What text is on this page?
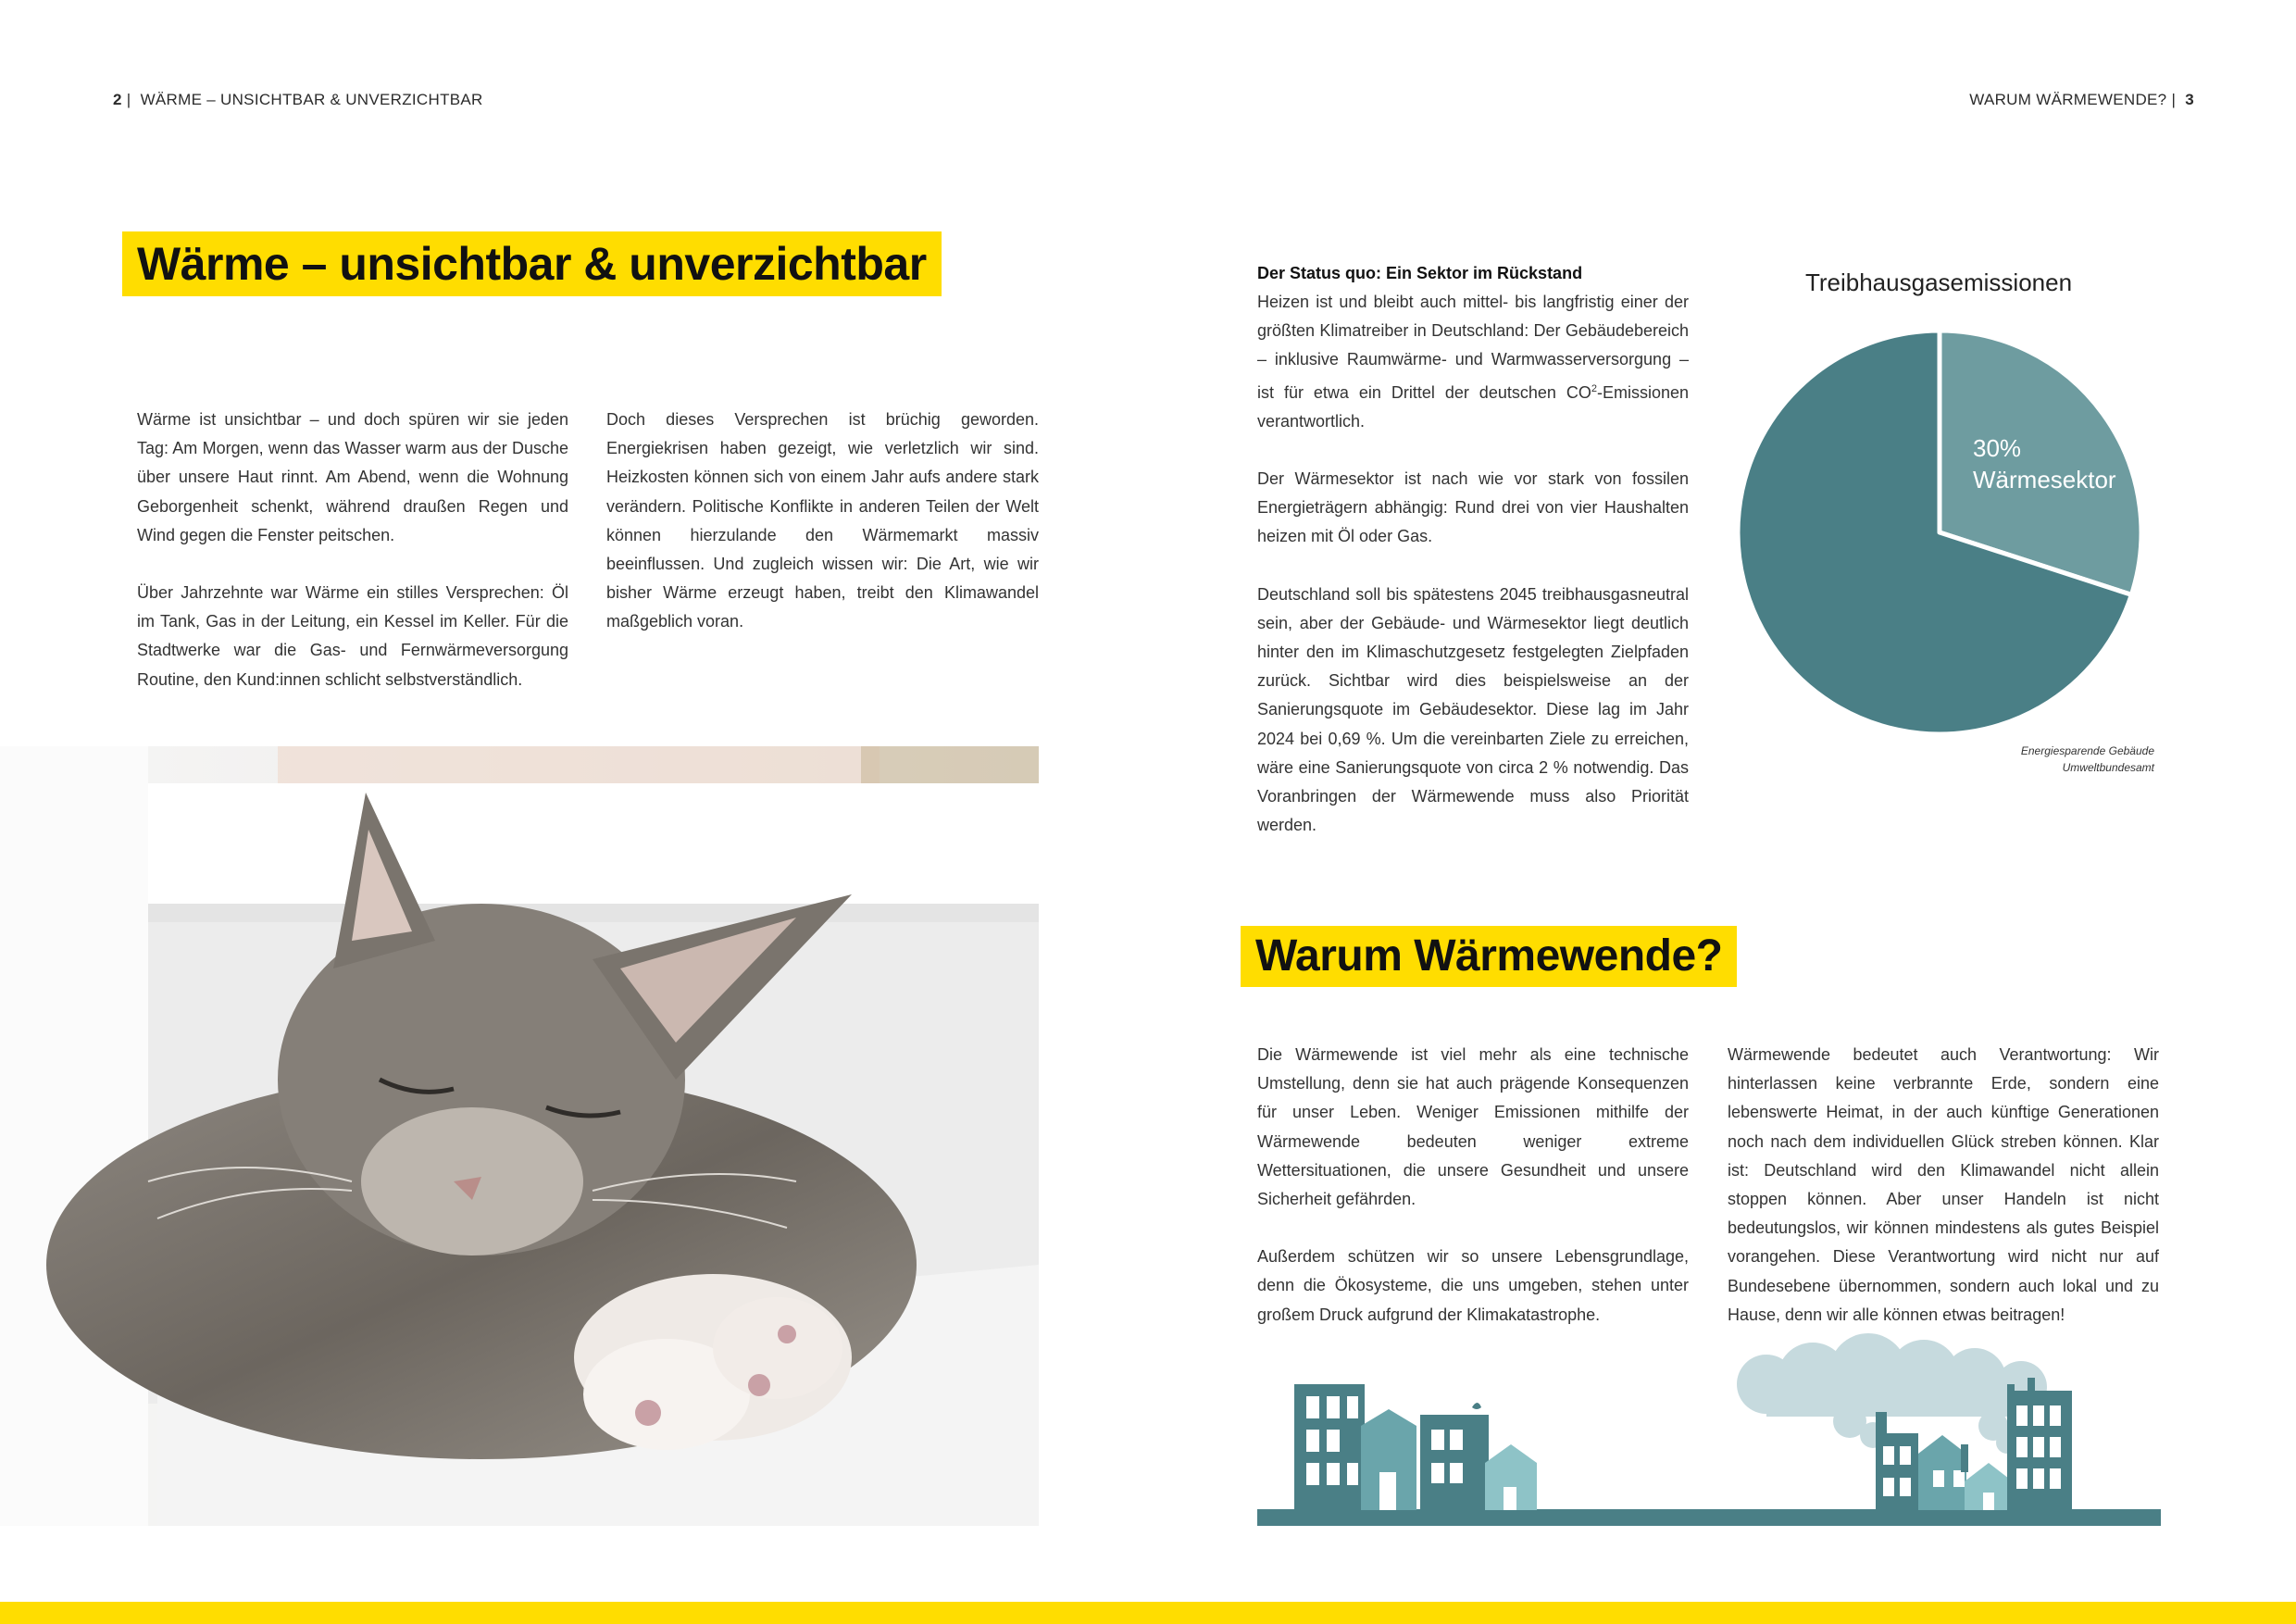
2 |  WÄRME – UNSICHTBAR & UNVERZICHTBAR	WARUM WÄRMEWENDE? |  3
Wärme – unsichtbar & unverzichtbar

Wärme ist unsichtbar – und doch spüren wir sie jeden Tag: Am Morgen, wenn das Wasser warm aus der Dusche über unsere Haut rinnt. Am Abend, wenn die Wohnung Geborgenheit schenkt, während draußen Regen und Wind gegen die Fenster peitschen.

Über Jahrzehnte war Wärme ein stilles Versprechen: Öl im Tank, Gas in der Leitung, ein Kessel im Keller. Für die Stadtwerke war die Gas- und Fernwärmeversorgung Routine, den Kund:innen schlicht selbstverständlich.

Doch dieses Versprechen ist brüchig geworden. Energiekrisen haben gezeigt, wie verletzlich wir sind. Heizkosten können sich von einem Jahr aufs andere stark verändern. Politische Konflikte in anderen Teilen der Welt können hierzulande den Wärmemarkt massiv beeinflussen. Und zugleich wissen wir: Die Art, wie wir bisher Wärme erzeugt haben, treibt den Klimawandel maßgeblich voran.

Der Status quo: Ein Sektor im Rückstand

Heizen ist und bleibt auch mittel- bis langfristig einer der größten Klimatreiber in Deutschland: Der Gebäudebereich – inklusive Raumwärme- und Warmwasserversorgung – ist für etwa ein Drittel der deutschen $CO^2$-Emissionen verantwortlich.

Der Wärmesektor ist nach wie vor stark von fossilen Energieträgern abhängig: Rund drei von vier Haushalten heizen mit Öl oder Gas.

Deutschland soll bis spätestens 2045 treibhausgasneutral sein, aber der Gebäude- und Wärmesektor liegt deutlich hinter den im Klimaschutzgesetz festgelegten Zielpfaden zurück. Sichtbar wird dies beispielsweise an der Sanierungsquote im Gebäudesektor. Diese lag im Jahr 2024 bei 0,69 %. Um die vereinbarten Ziele zu erreichen, wäre eine Sanierungsquote von circa 2 % notwendig. Das Voranbringen der Wärmewende muss also Priorität werden.

Treibhausgasemissionen
30%
Wärmesektor
Energiesparende Gebäude
Umweltbundesamt
Warum Wärmewende?

Die Wärmewende ist viel mehr als eine technische Umstellung, denn sie hat auch prägende Konsequenzen für unser Leben. Weniger Emissionen mithilfe der Wärmewende bedeuten weniger extreme Wettersituationen, die unsere Gesundheit und unsere Sicherheit gefährden.

Außerdem schützen wir so unsere Lebensgrundlage, denn die Ökosysteme, die uns umgeben, stehen unter großem Druck aufgrund der Klimakatastrophe.

Wärmewende bedeutet auch Verantwortung: Wir hinterlassen keine verbrannte Erde, sondern eine lebenswerte Heimat, in der auch künftige Generationen noch nach dem individuellen Glück streben können. Klar ist: Deutschland wird den Klimawandel nicht allein stoppen können. Aber unser Handeln ist nicht bedeutungslos, wir können mindestens als gutes Beispiel vorangehen. Diese Verantwortung wird nicht nur auf Bundesebene übernommen, sondern auch lokal und zu Hause, denn wir alle können etwas beitragen!
